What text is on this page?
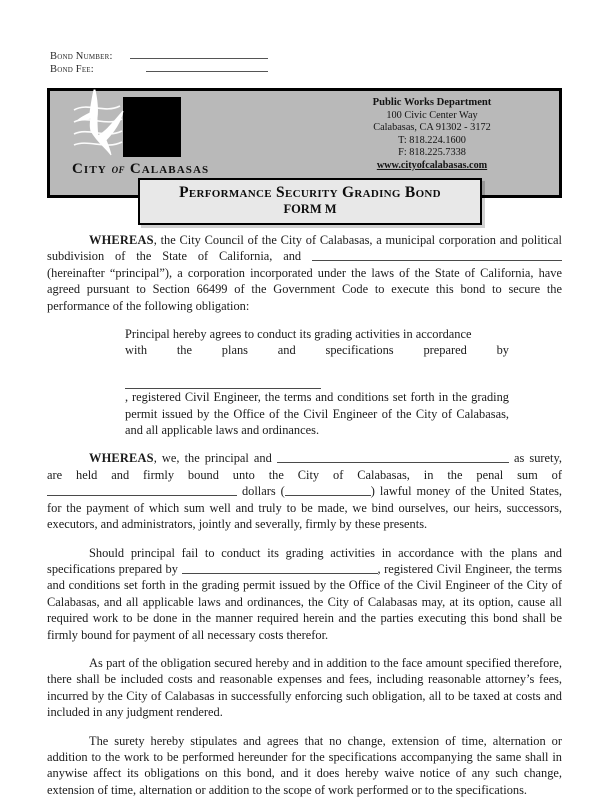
Bond Number:
Bond Fee:
City of Calabasas
Public Works Department
100 Civic Center Way
Calabasas, CA 91302 - 3172
T: 818.224.1600
F: 818.225.7338
www.cityofcalabasas.com
Performance Security Grading Bond
FORM M

WHEREAS, the City Council of the City of Calabasas, a municipal corporation and political subdivision of the State of California, and  (hereinafter “principal”), a corporation incorporated under the laws of the State of California, have agreed pursuant to Section 66499 of the Government Code to execute this bond to secure the performance of the following obligation:

Principal hereby agrees to conduct its grading activities in accordance
with the plans and specifications prepared by
, registered Civil Engineer, the terms and conditions set forth in the grading permit issued by the Office of the Civil Engineer of the City of Calabasas, and all applicable laws and ordinances.

WHEREAS, we, the principal and	as surety, are held and firmly bound unto the City of Calabasas, in the penal sum of  dollars (	) lawful money of the United States, for the payment of which sum well and truly to be made, we bind ourselves, our heirs, successors, executors, and administrators, jointly and severally, firmly by these presents.

Should principal fail to conduct its grading activities in accordance with the plans and specifications prepared by	, registered Civil Engineer, the terms and conditions set forth in the grading permit issued by the Office of the Civil Engineer of the City of Calabasas, and all applicable laws and ordinances, the City of Calabasas may, at its option, cause all required work to be done in the manner required herein and the parties executing this bond shall be firmly bound for payment of all necessary costs therefor.

As part of the obligation secured hereby and in addition to the face amount specified therefore, there shall be included costs and reasonable expenses and fees, including reasonable attorney’s fees, incurred by the City of Calabasas in successfully enforcing such obligation, all to be taxed at costs and included in any judgment rendered.

The surety hereby stipulates and agrees that no change, extension of time, alternation or addition to the work to be performed hereunder for the specifications accompanying the same shall in anywise affect its obligations on this bond, and it does hereby waive notice of any such change, extension of time, alternation or addition to the scope of work performed or to the specifications.
